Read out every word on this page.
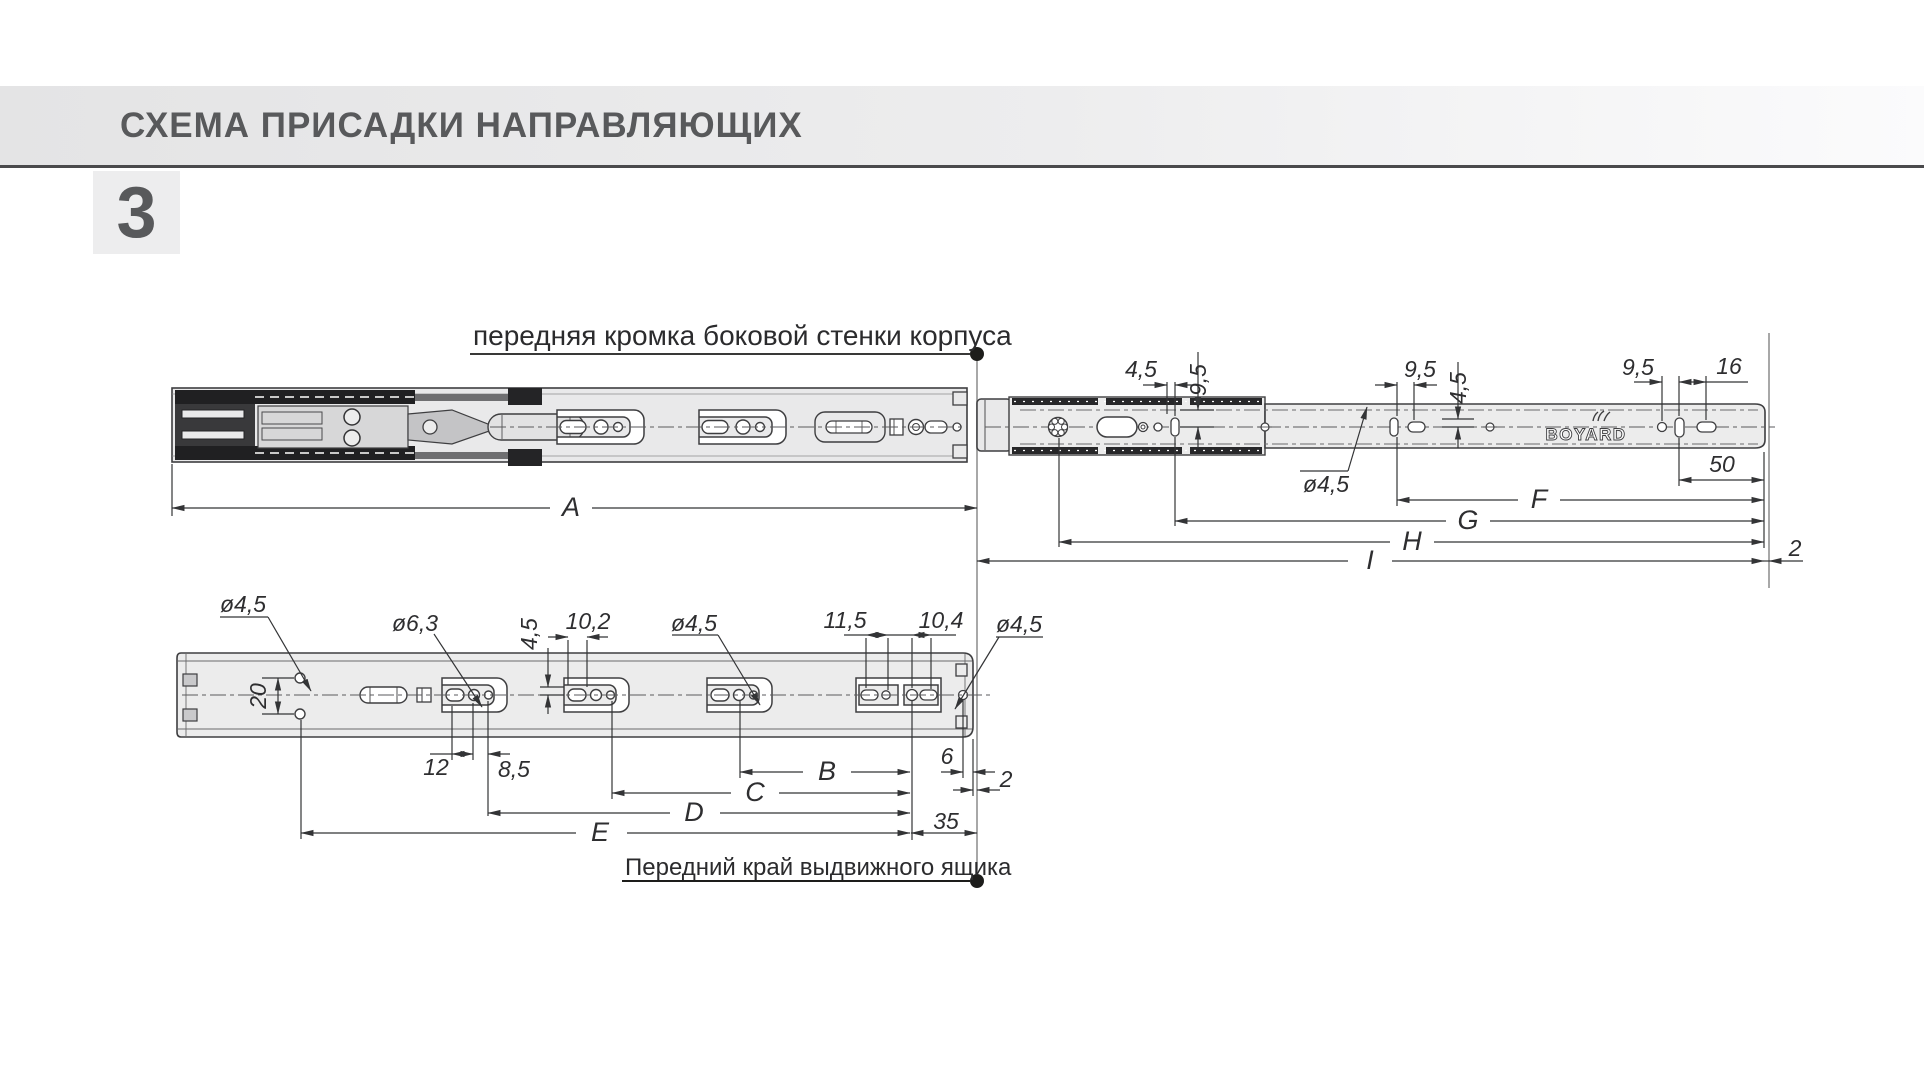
BOYARD
передняя кромка боковой стенки корпуса
4,5 9,5	9,5
4,5
9,5	16
50
ø4,5
A	F
G
H
I	2
ø4,5
20
ø6,3
12 8,5
4,5 10,2	ø4,5	11,5 10,4 ø4,5
B
C
D
E
6
2
35
Передний край выдвижного ящика
СХЕМА ПРИСАДКИ НАПРАВЛЯЮЩИХ
3
